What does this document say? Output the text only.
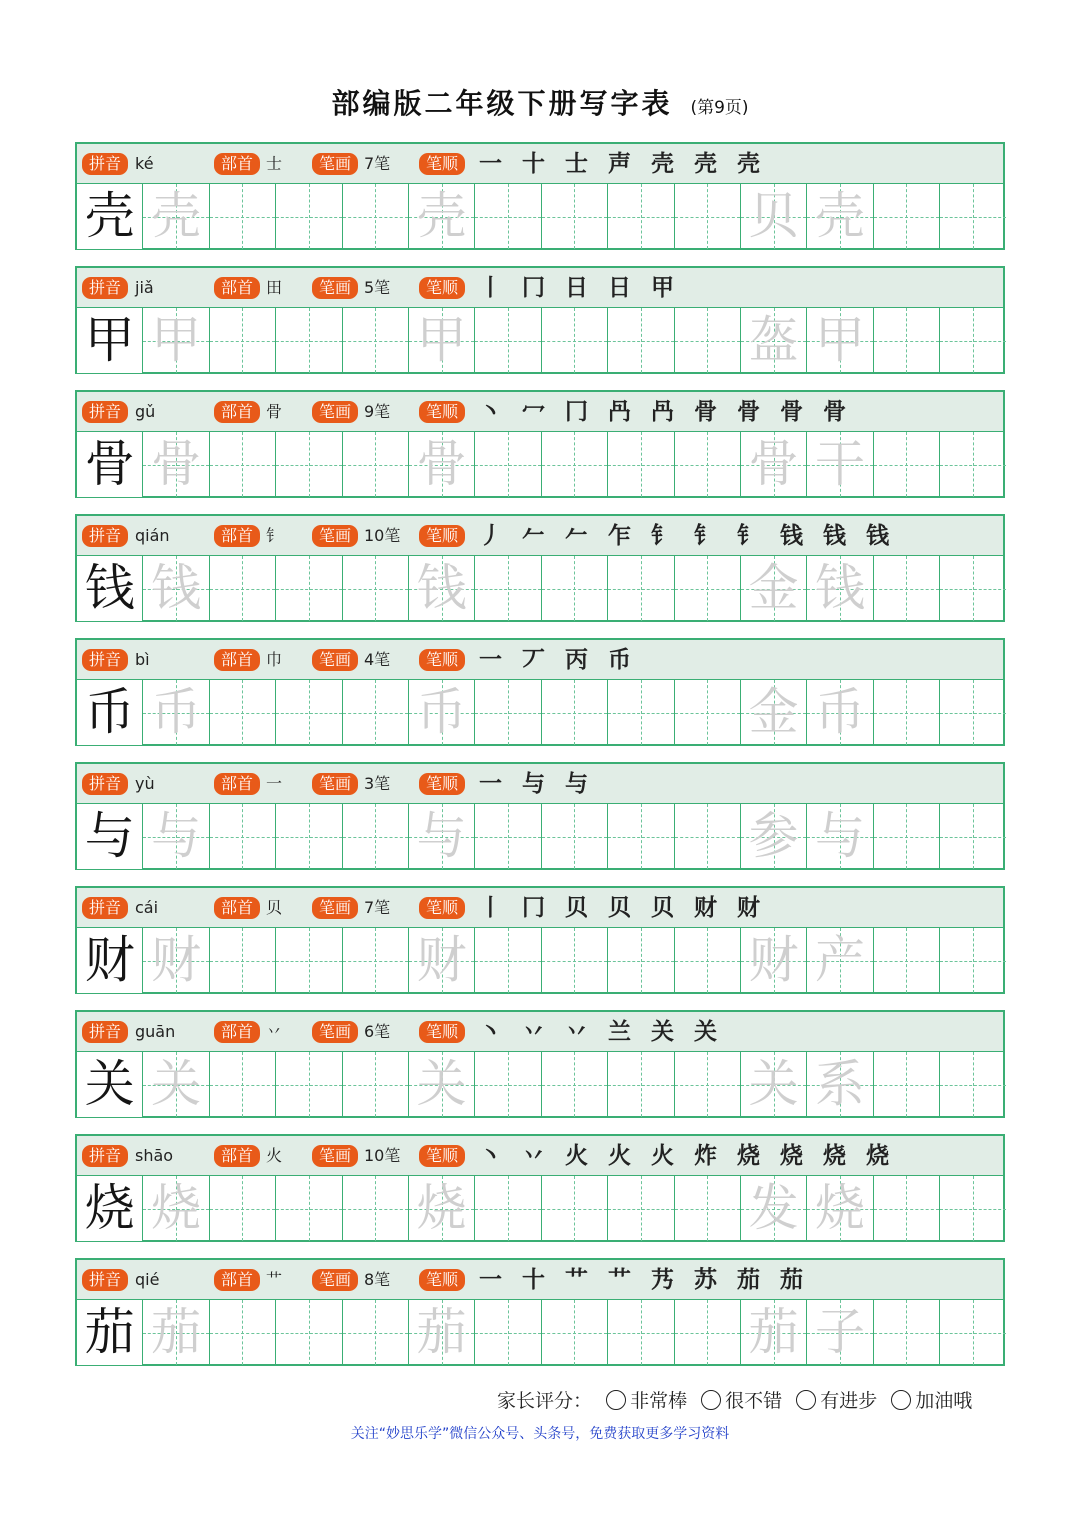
部编版二年级下册写字表 (第9页)
拼音 ké	部首 士	笔画 7笔	笔顺 一 十 士 声 壳 壳 壳
壳 壳	壳	贝 壳
拼音 jiǎ	部首 田	笔画 5笔	笔顺 丨 冂 日 日 甲
甲 甲	甲	盔 甲
拼音 gǔ	部首 骨	笔画 9笔	笔顺 丶 冖 冂 冎 冎 骨 骨 骨 骨
骨 骨	骨	骨 干
拼音 qián	部首 钅	笔画 10笔	笔顺 丿 𠂉 𠂉 乍 钅 钅 钅 钱 钱 钱
钱 钱	钱	金 钱
拼音 bì	部首 巾	笔画 4笔	笔顺 一 丆 丙 币
币 币	币	金 币
拼音 yù	部首 一	笔画 3笔	笔顺 一 与 与
与 与	与	参 与
拼音 cái	部首 贝	笔画 7笔	笔顺 丨 冂 贝 贝 贝 财 财
财 财	财	财 产
拼音 guān	部首 丷	笔画 6笔	笔顺 丶 丷 丷 兰 关 关
关 关	关	关 系
拼音 shāo	部首 火	笔画 10笔	笔顺 丶 丷 火 火 火 炸 烧 烧 烧 烧
烧 烧	烧	发 烧
拼音 qié	部首 艹	笔画 8笔	笔顺 一 十 艹 艹 艿 苏 茄 茄
茄 茄	茄	茄 子
家长评分： 非常棒 很不错 有进步 加油哦
关注“妙思乐学”微信公众号、头条号，免费获取更多学习资料
